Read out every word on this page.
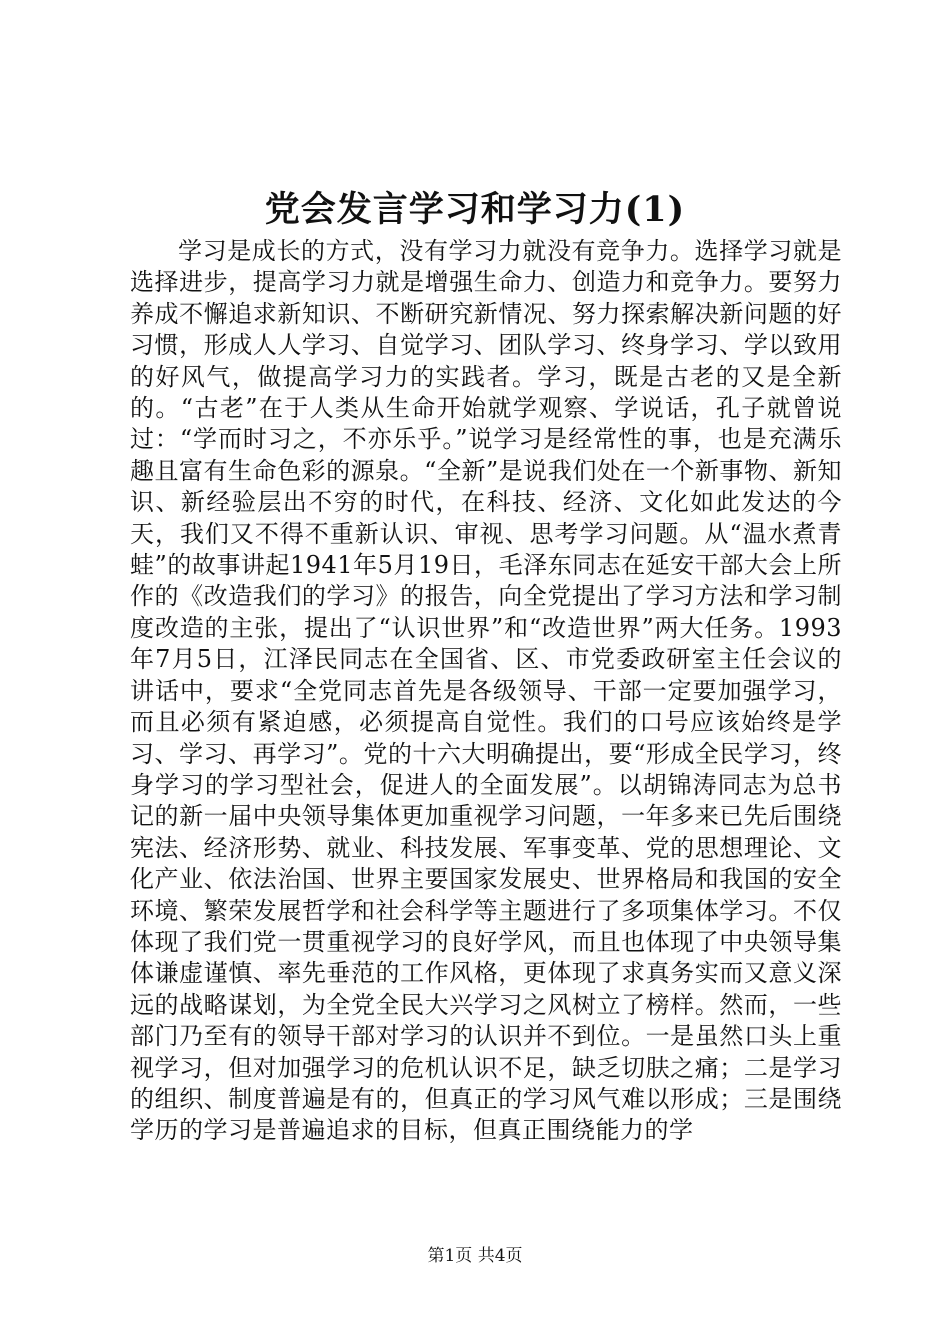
党会发言学习和学习力(1)

学习是成长的方式，没有学习力就没有竞争力。选择学习就是选择进步，提高学习力就是增强生命力、创造力和竞争力。要努力养成不懈追求新知识、不断研究新情况、努力探索解决新问题的好习惯，形成人人学习、自觉学习、团队学习、终身学习、学以致用的好风气，做提高学习力的实践者。学习，既是古老的又是全新的。“古老”在于人类从生命开始就学观察、学说话，孔子就曾说过：“学而时习之，不亦乐乎。”说学习是经常性的事，也是充满乐趣且富有生命色彩的源泉。“全新”是说我们处在一个新事物、新知识、新经验层出不穷的时代，在科技、经济、文化如此发达的今天，我们又不得不重新认识、审视、思考学习问题。从“温水煮青蛙”的故事讲起1941年5月19日，毛泽东同志在延安干部大会上所作的《改造我们的学习》的报告，向全党提出了学习方法和学习制度改造的主张，提出了“认识世界”和“改造世界”两大任务。1993年7月5日，江泽民同志在全国省、区、市党委政研室主任会议的讲话中，要求“全党同志首先是各级领导、干部一定要加强学习，而且必须有紧迫感，必须提高自觉性。我们的口号应该始终是学习、学习、再学习”。党的十六大明确提出，要“形成全民学习，终身学习的学习型社会，促进人的全面发展”。以胡锦涛同志为总书记的新一届中央领导集体更加重视学习问题，一年多来已先后围绕宪法、经济形势、就业、科技发展、军事变革、党的思想理论、文化产业、依法治国、世界主要国家发展史、世界格局和我国的安全环境、繁荣发展哲学和社会科学等主题进行了多项集体学习。不仅体现了我们党一贯重视学习的良好学风，而且也体现了中央领导集体谦虚谨慎、率先垂范的工作风格，更体现了求真务实而又意义深远的战略谋划，为全党全民大兴学习之风树立了榜样。然而，一些部门乃至有的领导干部对学习的认识并不到位。一是虽然口头上重视学习，但对加强学习的危机认识不足，缺乏切肤之痛；二是学习的组织、制度普遍是有的，但真正的学习风气难以形成；三是围绕学历的学习是普遍追求的目标，但真正围绕能力的学

第1页 共4页
